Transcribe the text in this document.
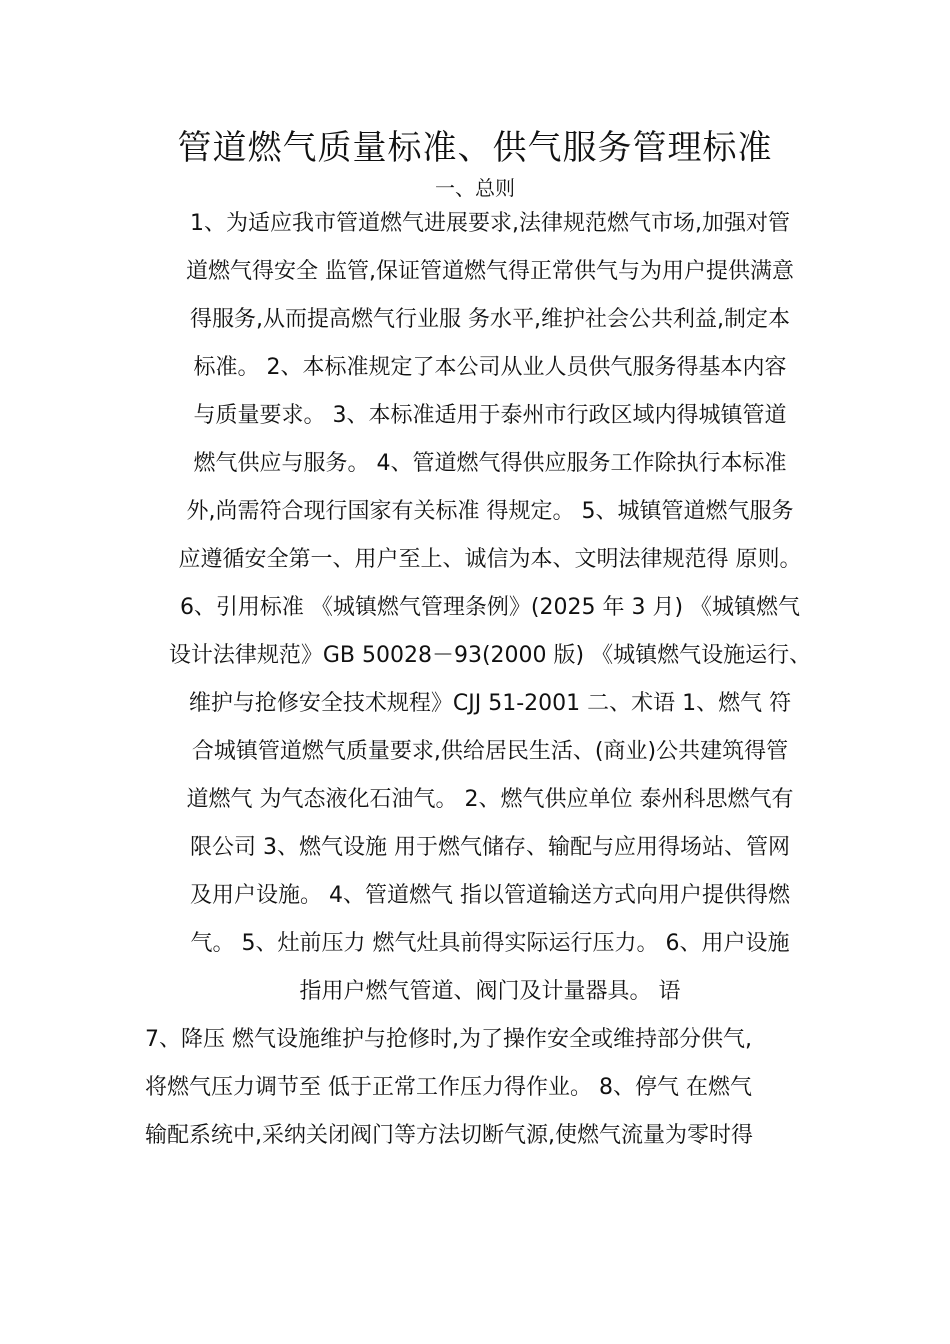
管道燃气质量标准、供气服务管理标准
一、总则
1、为适应我市管道燃气进展要求,法律规范燃气市场,加强对管
道燃气得安全 监管,保证管道燃气得正常供气与为用户提供满意
得服务,从而提高燃气行业服 务水平,维护社会公共利益,制定本
标准。 2、本标准规定了本公司从业人员供气服务得基本内容
与质量要求。 3、本标准适用于泰州市行政区域内得城镇管道
燃气供应与服务。 4、管道燃气得供应服务工作除执行本标准
外,尚需符合现行国家有关标准 得规定。 5、城镇管道燃气服务
应遵循安全第一、用户至上、诚信为本、文明法律规范得 原则。
6、引用标准 《城镇燃气管理条例》(2025 年 3 月) 《城镇燃气
设计法律规范》GB 50028－93(2000 版) 《城镇燃气设施运行、
维护与抢修安全技术规程》CJJ 51-2001 二、术语 1、燃气 符
合城镇管道燃气质量要求,供给居民生活、(商业)公共建筑得管
道燃气 为气态液化石油气。 2、燃气供应单位 泰州科思燃气有
限公司 3、燃气设施 用于燃气储存、输配与应用得场站、管网
及用户设施。 4、管道燃气 指以管道输送方式向用户提供得燃
气。 5、灶前压力 燃气灶具前得实际运行压力。 6、用户设施
指用户燃气管道、阀门及计量器具。 语
7、降压 燃气设施维护与抢修时,为了操作安全或维持部分供气,
将燃气压力调节至 低于正常工作压力得作业。 8、停气 在燃气
输配系统中,采纳关闭阀门等方法切断气源,使燃气流量为零时得
